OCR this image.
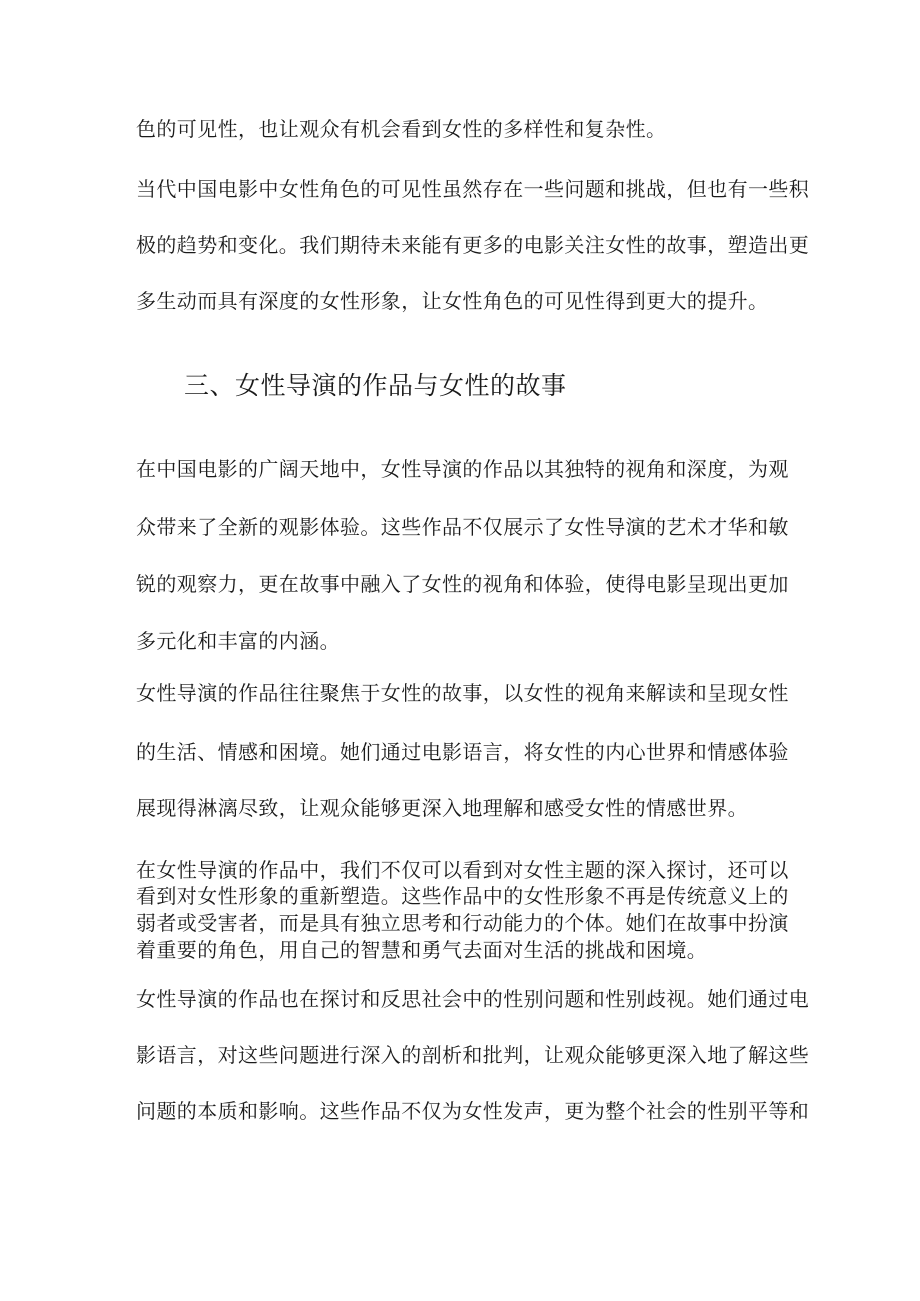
色的可见性，也让观众有机会看到女性的多样性和复杂性。
当代中国电影中女性角色的可见性虽然存在一些问题和挑战，但也有一些积
极的趋势和变化。我们期待未来能有更多的电影关注女性的故事，塑造出更
多生动而具有深度的女性形象，让女性角色的可见性得到更大的提升。
三、女性导演的作品与女性的故事
在中国电影的广阔天地中，女性导演的作品以其独特的视角和深度，为观
众带来了全新的观影体验。这些作品不仅展示了女性导演的艺术才华和敏
锐的观察力，更在故事中融入了女性的视角和体验，使得电影呈现出更加
多元化和丰富的内涵。
女性导演的作品往往聚焦于女性的故事，以女性的视角来解读和呈现女性
的生活、情感和困境。她们通过电影语言，将女性的内心世界和情感体验
展现得淋漓尽致，让观众能够更深入地理解和感受女性的情感世界。
在女性导演的作品中，我们不仅可以看到对女性主题的深入探讨，还可以
看到对女性形象的重新塑造。这些作品中的女性形象不再是传统意义上的
弱者或受害者，而是具有独立思考和行动能力的个体。她们在故事中扮演
着重要的角色，用自己的智慧和勇气去面对生活的挑战和困境。
女性导演的作品也在探讨和反思社会中的性别问题和性别歧视。她们通过电
影语言，对这些问题进行深入的剖析和批判，让观众能够更深入地了解这些
问题的本质和影响。这些作品不仅为女性发声，更为整个社会的性别平等和
